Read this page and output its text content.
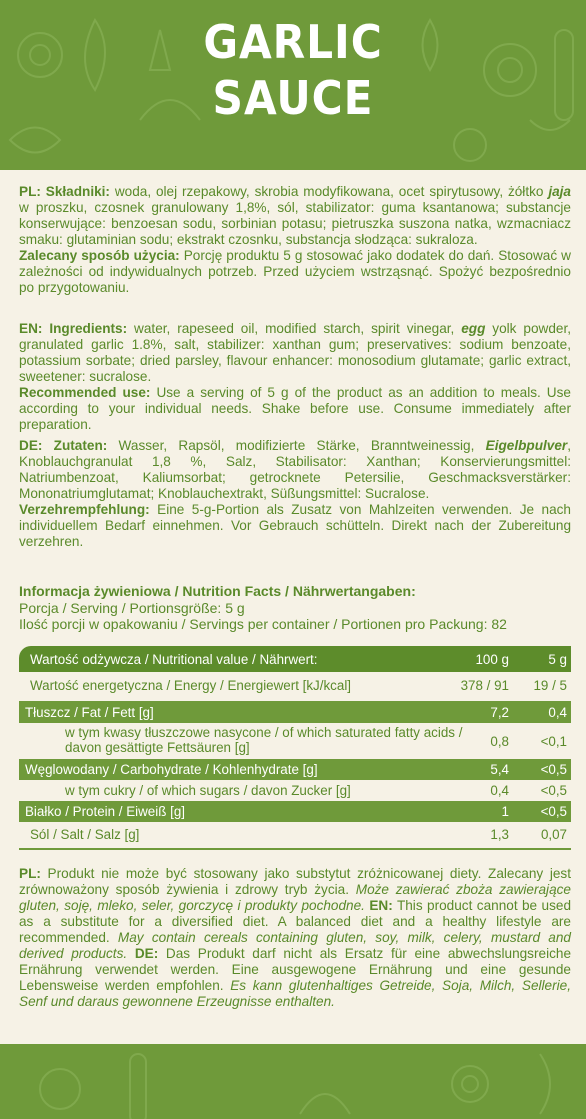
GARLIC
SAUCE
PL: Składniki: woda, olej rzepakowy, skrobia modyfikowana, ocet spirytusowy, żółtko jaja w proszku, czosnek granulowany 1,8%, sól, stabilizator: guma ksantanowa; substancje konserwujące: benzoesan sodu, sorbinian potasu; pietruszka suszona natka, wzmacniacz smaku: glutaminian sodu; ekstrakt czosnku, substancja słodząca: sukraloza.
Zalecany sposób użycia: Porcję produktu 5 g stosować jako dodatek do dań. Stosować w zależności od indywidualnych potrzeb. Przed użyciem wstrząsnąć. Spożyć bezpośrednio po przygotowaniu.
EN: Ingredients: water, rapeseed oil, modified starch, spirit vinegar, egg yolk powder, granulated garlic 1.8%, salt, stabilizer: xanthan gum; preservatives: sodium benzoate, potassium sorbate; dried parsley, flavour enhancer: monosodium glutamate; garlic extract, sweetener: sucralose.
Recommended use: Use a serving of 5 g of the product as an addition to meals. Use according to your individual needs. Shake before use. Consume immediately after preparation.
DE: Zutaten: Wasser, Rapsöl, modifizierte Stärke, Branntweinessig, Eigelbpulver, Knoblauchgranulat 1,8 %, Salz, Stabilisator: Xanthan; Konservierungsmittel: Natriumbenzoat, Kaliumsorbat; getrocknete Petersilie, Geschmacksverstärker: Mononatriumglutamat; Knoblauchextrakt, Süßungsmittel: Sucralose.
Verzehrempfehlung: Eine 5-g-Portion als Zusatz von Mahlzeiten verwenden. Je nach individuellem Bedarf einnehmen. Vor Gebrauch schütteln. Direkt nach der Zubereitung verzehren.
Informacja żywieniowa / Nutrition Facts / Nährwertangaben:
Porcja / Serving / Portionsgröße: 5 g
Ilość porcji w opakowaniu / Servings per container / Portionen pro Packung: 82
Wartość odżywcza / Nutritional value / Nährwert:	100 g	5 g
Wartość energetyczna / Energy / Energiewert [kJ/kcal]	378 / 91 19 / 5
Tłuszcz / Fat / Fett [g]	7,2	0,4
w tym kwasy tłuszczowe nasycone / of which saturated fatty acids / davon gesättigte Fettsäuren [g]	0,8 <0,1
Węglowodany / Carbohydrate / Kohlenhydrate [g]	5,4 <0,5
w tym cukry / of which sugars / davon Zucker [g]	0,4 <0,5
Białko / Protein / Eiweiß [g]	1 <0,5
Sól / Salt / Salz [g]	1,3 0,07
PL: Produkt nie może być stosowany jako substytut zróżnicowanej diety. Zalecany jest zrównoważony sposób żywienia i zdrowy tryb życia. Może zawierać zboża zawierające gluten, soję, mleko, seler, gorczycę i produkty pochodne. EN: This product cannot be used as a substitute for a diversified diet. A balanced diet and a healthy lifestyle are recommended. May contain cereals containing gluten, soy, milk, celery, mustard and derived products. DE: Das Produkt darf nicht als Ersatz für eine abwechslungsreiche Ernährung verwendet werden. Eine ausgewogene Ernährung und eine gesunde Lebensweise werden empfohlen. Es kann glutenhaltiges Getreide, Soja, Milch, Sellerie, Senf und daraus gewonnene Erzeugnisse enthalten.
